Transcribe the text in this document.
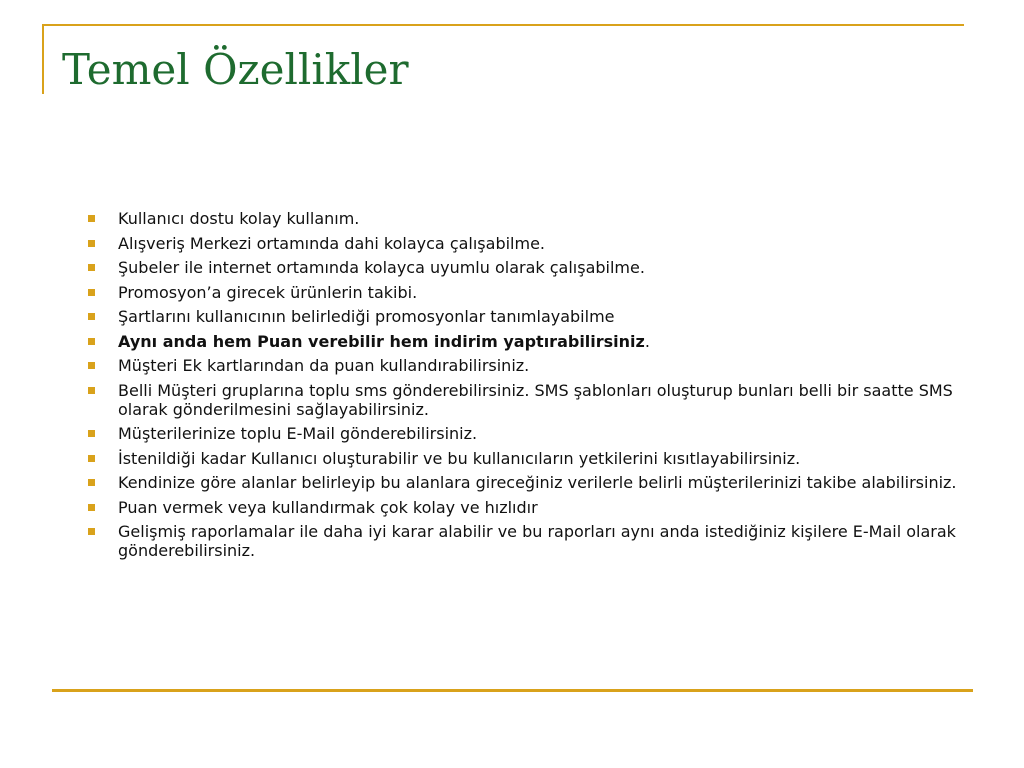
Temel Özellikler
Kullanıcı dostu kolay kullanım.
Alışveriş Merkezi ortamında dahi kolayca çalışabilme.
Şubeler ile internet ortamında kolayca uyumlu olarak çalışabilme.
Promosyon’a girecek ürünlerin takibi.
Şartlarını kullanıcının belirlediği promosyonlar tanımlayabilme
Aynı anda hem Puan verebilir hem indirim yaptırabilirsiniz.
Müşteri Ek kartlarından da puan kullandırabilirsiniz.
Belli Müşteri gruplarına toplu sms gönderebilirsiniz. SMS şablonları oluşturup bunları belli bir saatte SMS olarak gönderilmesini sağlayabilirsiniz.
Müşterilerinize toplu E-Mail gönderebilirsiniz.
İstenildiği kadar Kullanıcı oluşturabilir ve bu kullanıcıların yetkilerini kısıtlayabilirsiniz.
Kendinize göre alanlar belirleyip bu alanlara gireceğiniz verilerle belirli müşterilerinizi takibe alabilirsiniz.
Puan vermek veya kullandırmak çok kolay ve hızlıdır
Gelişmiş raporlamalar ile daha iyi karar alabilir ve bu raporları aynı anda istediğiniz kişilere E-Mail olarak gönderebilirsiniz.
